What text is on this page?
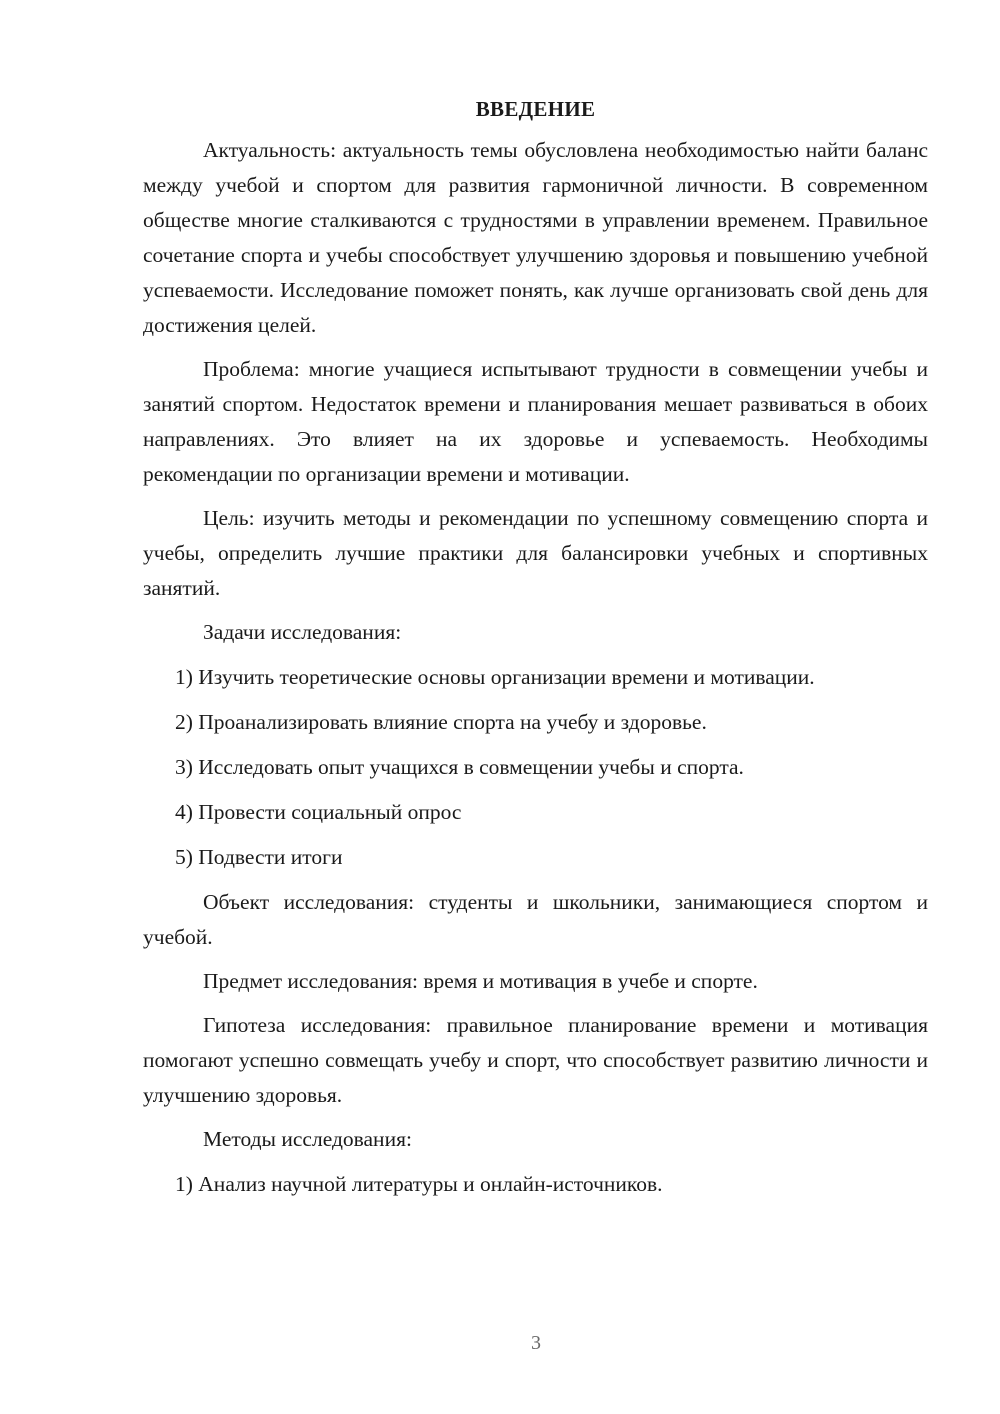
ВВЕДЕНИЕ

Актуальность: актуальность темы обусловлена необходимостью найти баланс между учебой и спортом для развития гармоничной личности. В современном обществе многие сталкиваются с трудностями в управлении временем. Правильное сочетание спорта и учебы способствует улучшению здоровья и повышению учебной успеваемости. Исследование поможет понять, как лучше организовать свой день для достижения целей.

Проблема: многие учащиеся испытывают трудности в совмещении учебы и занятий спортом. Недостаток времени и планирования мешает развиваться в обоих направлениях. Это влияет на их здоровье и успеваемость. Необходимы рекомендации по организации времени и мотивации.

Цель: изучить методы и рекомендации по успешному совмещению спорта и учебы, определить лучшие практики для балансировки учебных и спортивных занятий.

Задачи исследования:

1) Изучить теоретические основы организации времени и мотивации.

2) Проанализировать влияние спорта на учебу и здоровье.

3) Исследовать опыт учащихся в совмещении учебы и спорта.

4) Провести социальный опрос

5) Подвести итоги

Объект исследования: студенты и школьники, занимающиеся спортом и учебой.

Предмет исследования: время и мотивация в учебе и спорте.

Гипотеза исследования: правильное планирование времени и мотивация помогают успешно совмещать учебу и спорт, что способствует развитию личности и улучшению здоровья.

Методы исследования:

1) Анализ научной литературы и онлайн-источников.

3
